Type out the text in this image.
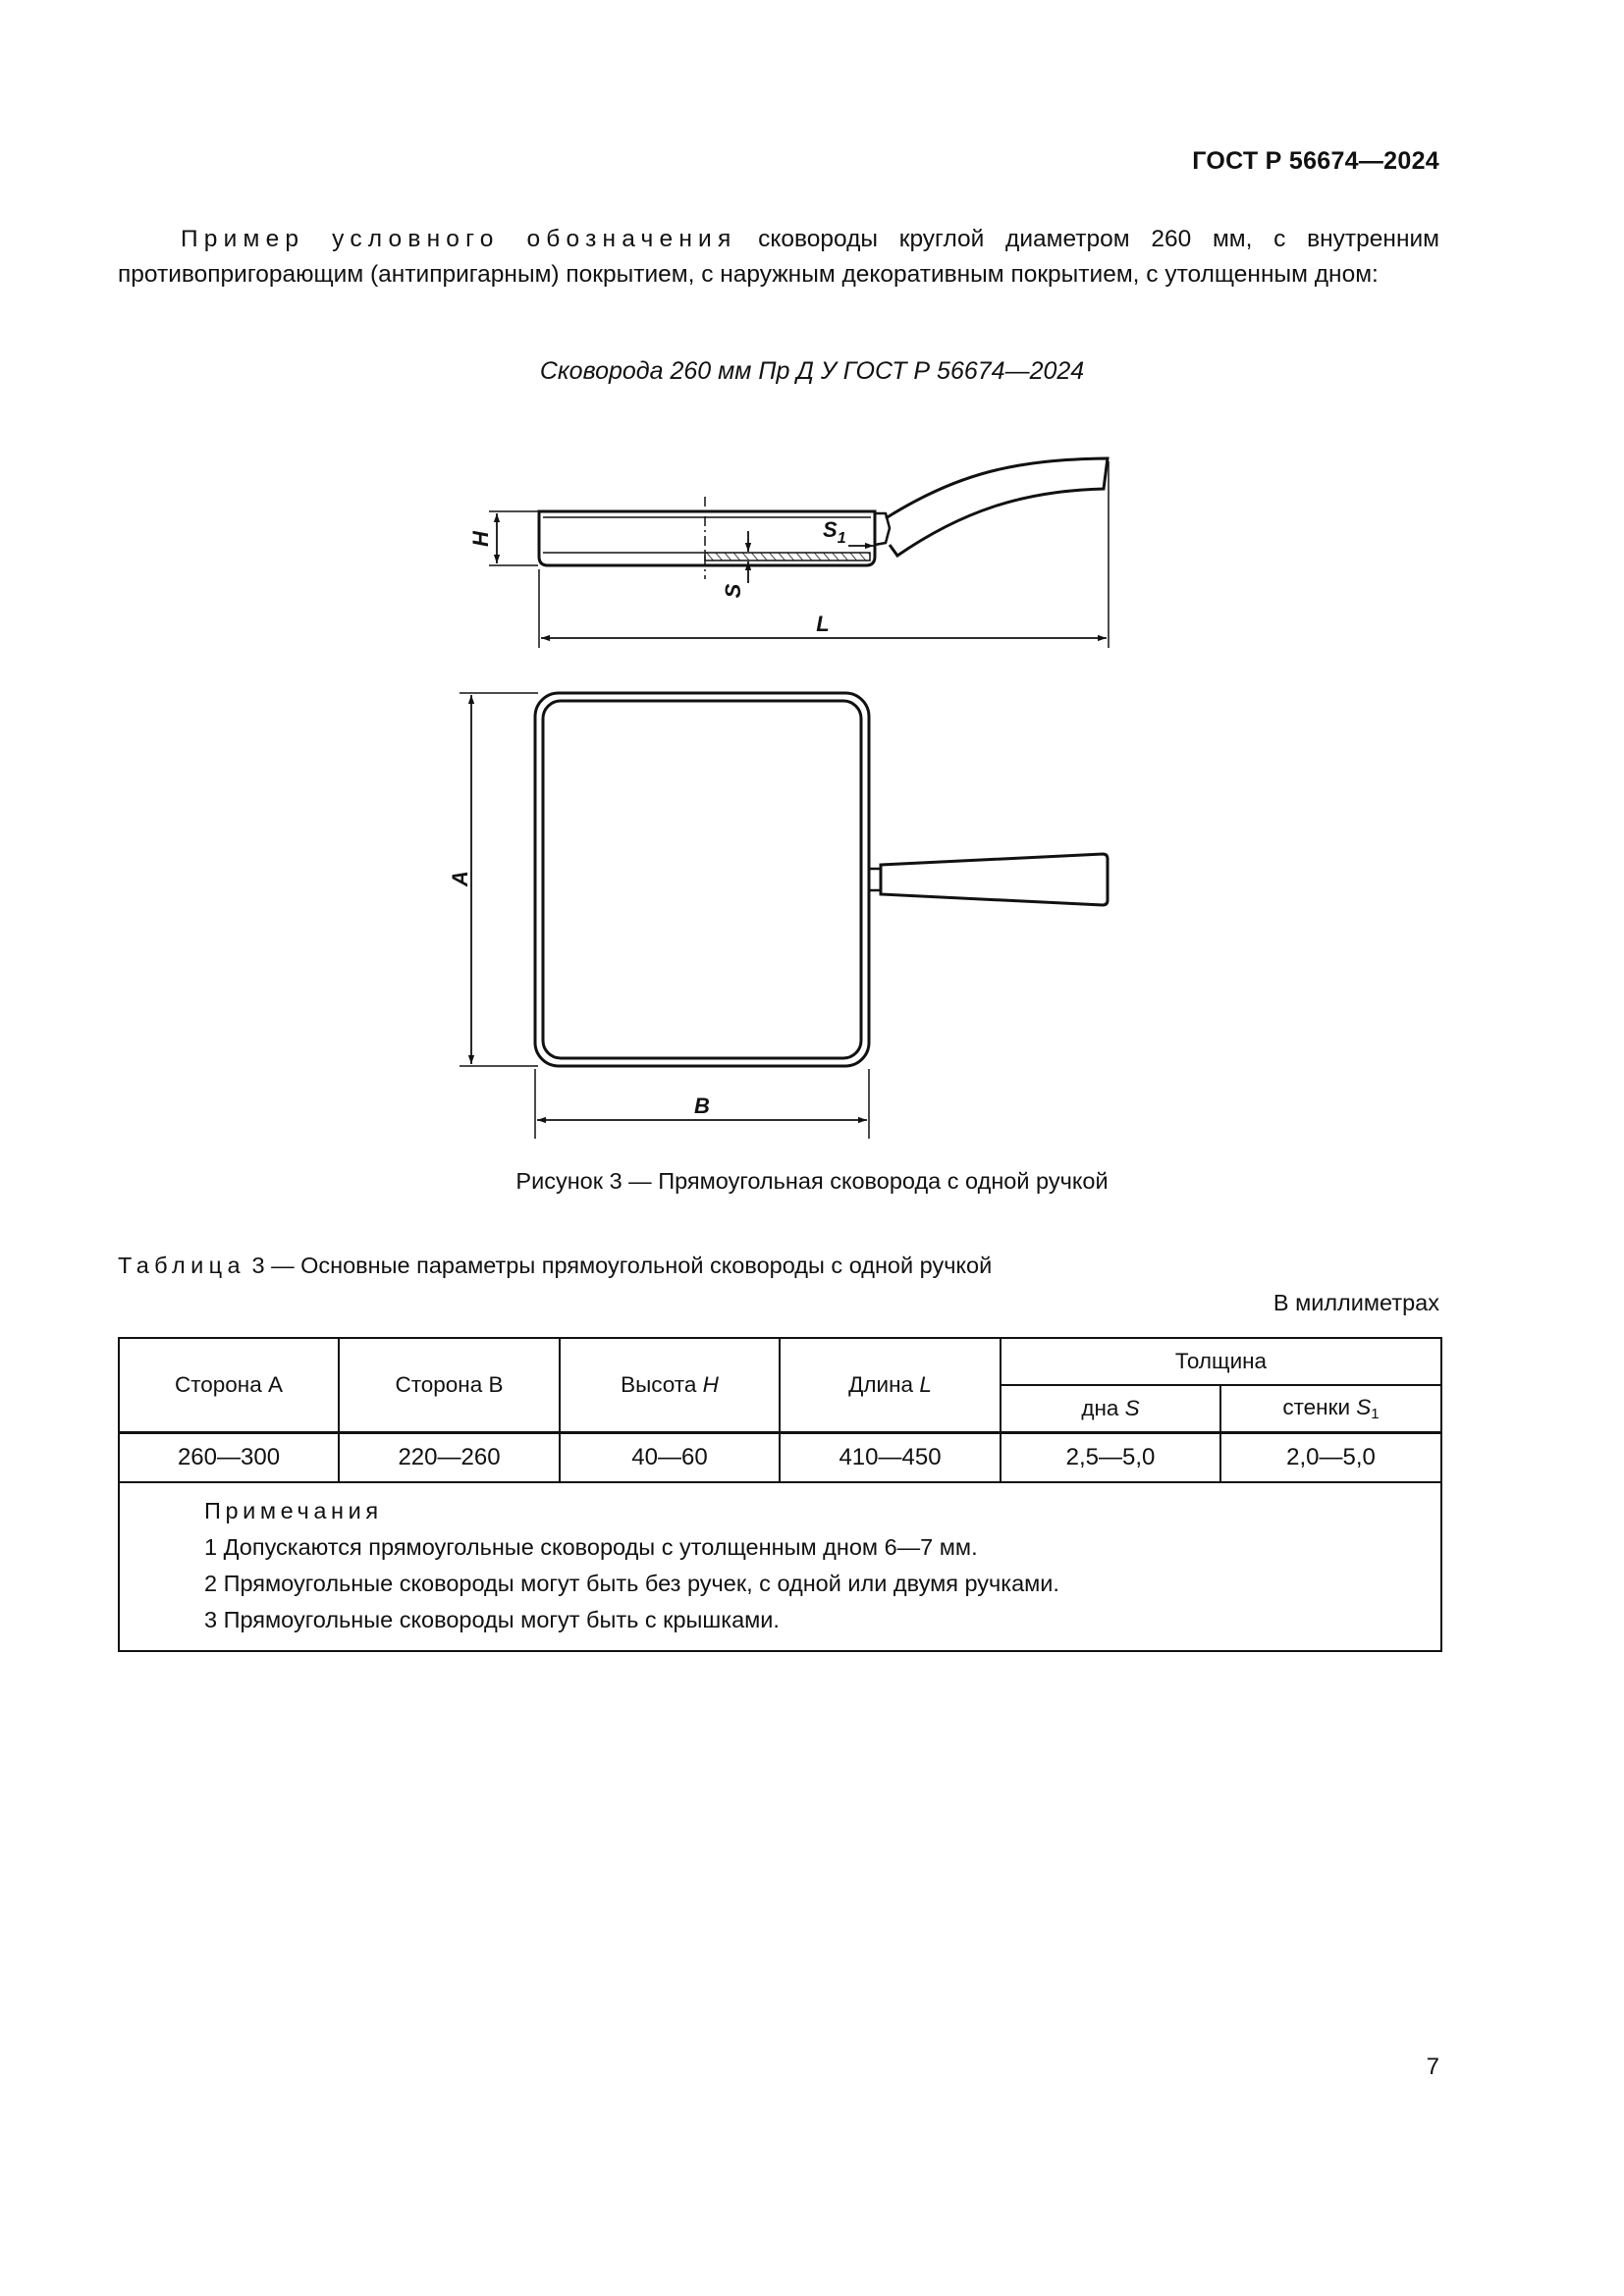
ГОСТ Р 56674—2024
Пример условного обозначения сковороды круглой диаметром 260 мм, с внутренним противопригорающим (антипригарным) покрытием, с наружным декоративным покрытием, с утолщенным дном:
Сковорода 260 мм Пр Д У ГОСТ Р 56674—2024
H
S
$S_1$
L
A
B
Рисунок 3 — Прямоугольная сковорода с одной ручкой
Таблица 3 — Основные параметры прямоугольной сковороды с одной ручкой
В миллиметрах
Сторона А	Сторона В	Высота H	Длина L	Толщина	
				дна S	стенки $S_1$
260—300	220—260	40—60	410—450	2,5—5,0	2,0—5,0

Примечания
1 Допускаются прямоугольные сковороды с утолщенным дном 6—7 мм.
2 Прямоугольные сковороды могут быть без ручек, с одной или двумя ручками.
3 Прямоугольные сковороды могут быть с крышками.					
7
